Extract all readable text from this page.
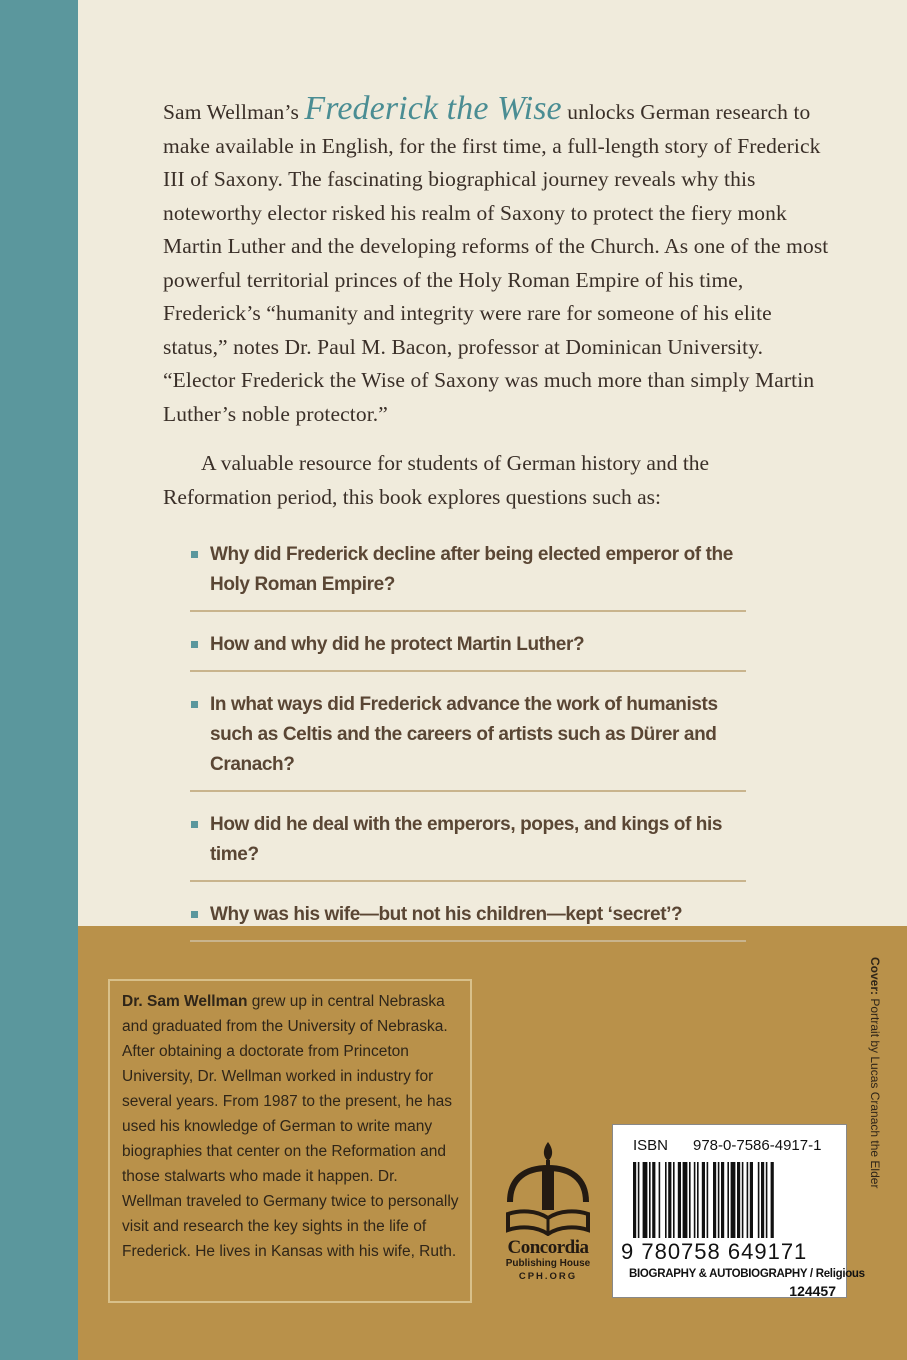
Sam Wellman’s Frederick the Wise unlocks German research to make available in English, for the first time, a full-length story of Frederick III of Saxony. The fascinating biographical journey reveals why this noteworthy elector risked his realm of Saxony to protect the fiery monk Martin Luther and the developing reforms of the Church. As one of the most powerful territorial princes of the Holy Roman Empire of his time, Frederick’s “humanity and integrity were rare for someone of his elite status,” notes Dr. Paul M. Bacon, professor at Dominican University. “Elector Frederick the Wise of Saxony was much more than simply Martin Luther’s noble protector.”

A valuable resource for students of German history and the Reformation period, this book explores questions such as:

Why did Frederick decline after being elected emperor of the Holy Roman Empire?
How and why did he protect Martin Luther?
In what ways did Frederick advance the work of humanists such as Celtis and the careers of artists such as Dürer and Cranach?
How did he deal with the emperors, popes, and kings of his time?
Why was his wife—but not his children—kept ‘secret’?

Dr. Sam Wellman grew up in central Nebraska and graduated from the University of Nebraska. After obtaining a doctorate from Princeton University, Dr. Wellman worked in industry for several years. From 1987 to the present, he has used his knowledge of German to write many biographies that center on the Reformation and those stalwarts who made it happen. Dr. Wellman traveled to Germany twice to personally visit and research the key sights in the life of Frederick. He lives in Kansas with his wife, Ruth.	Concordia
Publishing House
CPH.ORG
ISBN 978-0-7586-4917-1
9 780758 649171
BIOGRAPHY & AUTOBIOGRAPHY / Religious
124457
Cover: Portrait by Lucas Cranach the Elder
